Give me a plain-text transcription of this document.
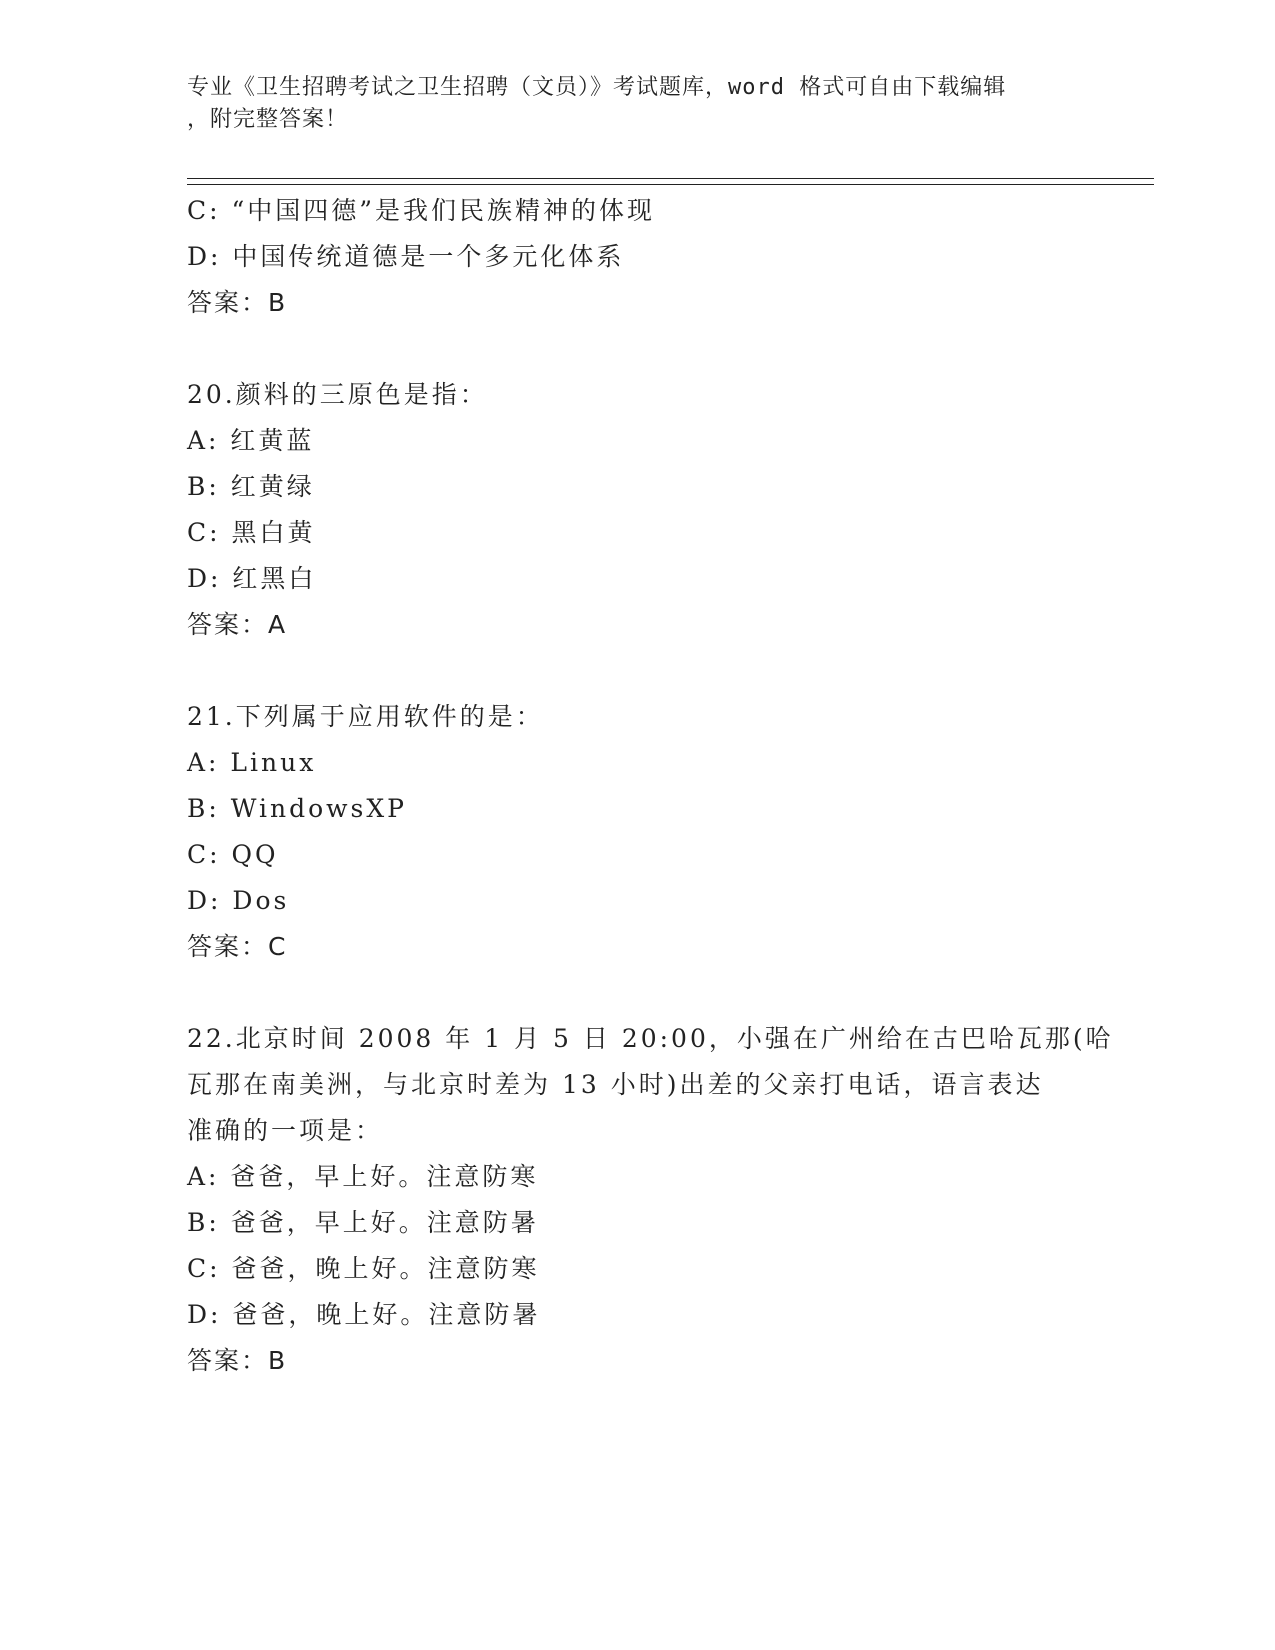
专业《卫生招聘考试之卫生招聘（文员）》考试题库，word 格式可自由下载编辑
，附完整答案！
C: “中国四德”是我们民族精神的体现
D: 中国传统道德是一个多元化体系
答案：B
20.颜料的三原色是指：
A: 红黄蓝
B: 红黄绿
C: 黑白黄
D: 红黑白
答案：A
21.下列属于应用软件的是：
A: Linux
B: WindowsXP
C: QQ
D: Dos
答案：C
22.北京时间 2008 年 1 月 5 日 20:00，小强在广州给在古巴哈瓦那(哈
瓦那在南美洲，与北京时差为 13 小时)出差的父亲打电话，语言表达
准确的一项是：
A: 爸爸，早上好。注意防寒
B: 爸爸，早上好。注意防暑
C: 爸爸，晚上好。注意防寒
D: 爸爸，晚上好。注意防暑
答案：B
